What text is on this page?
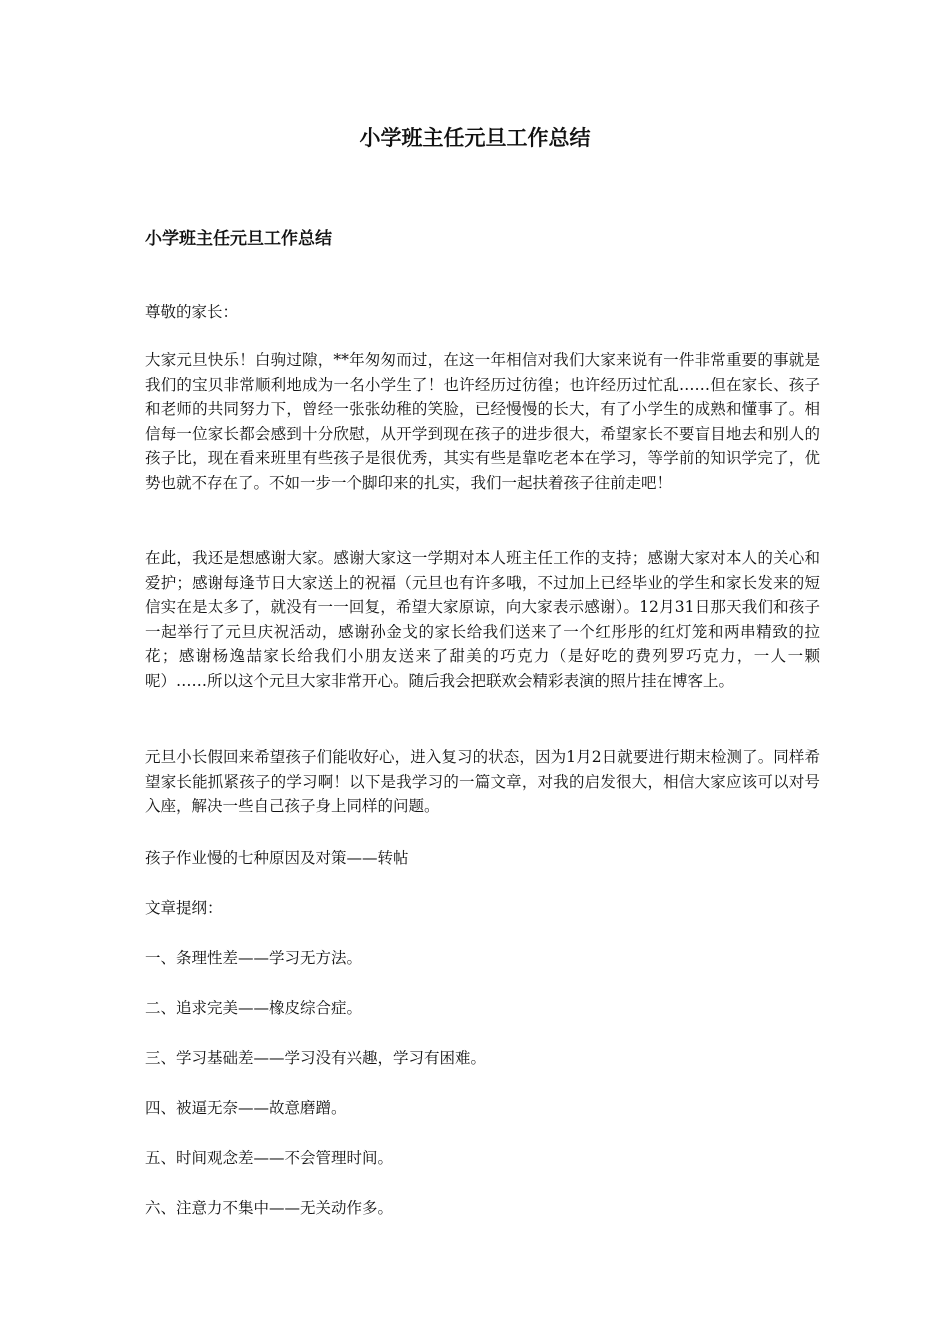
小学班主任元旦工作总结
小学班主任元旦工作总结

尊敬的家长：

大家元旦快乐！白驹过隙，**年匆匆而过，在这一年相信对我们大家来说有一件非常重要的事就是我们的宝贝非常顺利地成为一名小学生了！也许经历过彷徨；也许经历过忙乱……但在家长、孩子和老师的共同努力下，曾经一张张幼稚的笑脸，已经慢慢的长大，有了小学生的成熟和懂事了。相信每一位家长都会感到十分欣慰，从开学到现在孩子的进步很大，希望家长不要盲目地去和别人的孩子比，现在看来班里有些孩子是很优秀，其实有些是靠吃老本在学习，等学前的知识学完了，优势也就不存在了。不如一步一个脚印来的扎实，我们一起扶着孩子往前走吧！

在此，我还是想感谢大家。感谢大家这一学期对本人班主任工作的支持；感谢大家对本人的关心和爱护；感谢每逢节日大家送上的祝福（元旦也有许多哦，不过加上已经毕业的学生和家长发来的短信实在是太多了，就没有一一回复，希望大家原谅，向大家表示感谢）。12月31日那天我们和孩子一起举行了元旦庆祝活动，感谢孙金戈的家长给我们送来了一个红彤彤的红灯笼和两串精致的拉花；感谢杨逸喆家长给我们小朋友送来了甜美的巧克力（是好吃的费列罗巧克力，一人一颗呢）……所以这个元旦大家非常开心。随后我会把联欢会精彩表演的照片挂在博客上。

元旦小长假回来希望孩子们能收好心，进入复习的状态，因为1月2日就要进行期末检测了。同样希望家长能抓紧孩子的学习啊！以下是我学习的一篇文章，对我的启发很大，相信大家应该可以对号入座，解决一些自己孩子身上同样的问题。

孩子作业慢的七种原因及对策——转帖

文章提纲：

一、条理性差——学习无方法。

二、追求完美——橡皮综合症。

三、学习基础差——学习没有兴趣，学习有困难。

四、被逼无奈——故意磨蹭。

五、时间观念差——不会管理时间。

六、注意力不集中——无关动作多。
